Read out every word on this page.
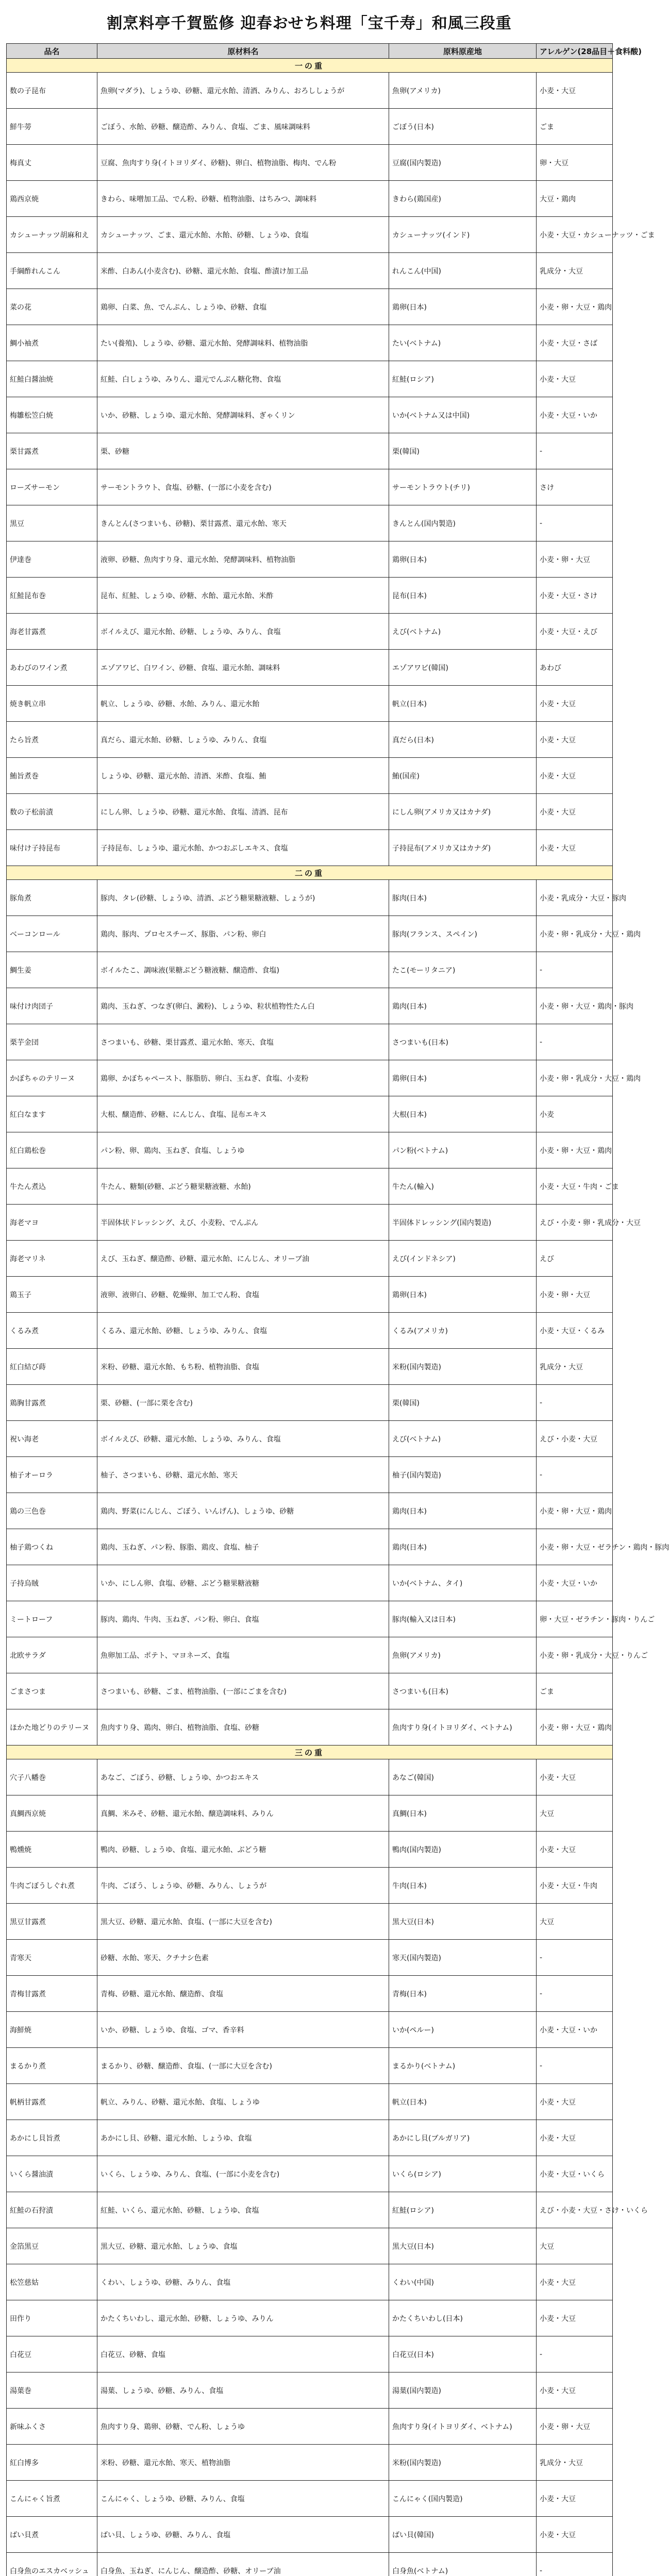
割烹料亭千賀監修 迎春おせち料理「宝千寿」和風三段重
品名	原材料名	原料原産地	アレルゲン(28品目＋食料酸)
一の重			
数の子昆布	魚卵(マダラ)、しょうゆ、砂糖、還元水飴、清酒、みりん、おろししょうが	魚卵(アメリカ)	小麦・大豆
鮮牛蒡	ごぼう、水飴、砂糖、醸造酢、みりん、食塩、ごま、風味調味料	ごぼう(日本)	ごま
梅真丈	豆腐、魚肉すり身(イトヨリダイ、砂糖)、卵白、植物油脂、梅肉、でん粉	豆腐(国内製造)	卵・大豆
鶏西京焼	きわら、味噌加工品、でん粉、砂糖、植物油脂、はちみつ、調味料	きわら(鶏国産)	大豆・鶏肉
カシューナッツ胡麻和え	カシューナッツ、ごま、還元水飴、水飴、砂糖、しょうゆ、食塩	カシューナッツ(インド)	小麦・大豆・カシューナッツ・ごま
手綱酢れんこん	米酢、白あん(小麦含む)、砂糖、還元水飴、食塩、酢漬け加工品	れんこん(中国)	乳成分・大豆
菜の花	鶏卵、白菜、魚、でんぷん、しょうゆ、砂糖、食塩	鶏卵(日本)	小麦・卵・大豆・鶏肉
鯛小袖煮	たい(養殖)、しょうゆ、砂糖、還元水飴、発酵調味料、植物油脂	たい(ベトナム)	小麦・大豆・さば
紅鮭白醤油焼	紅鮭、白しょうゆ、みりん、還元でんぷん糖化物、食塩	紅鮭(ロシア)	小麦・大豆
梅雛松笠白焼	いか、砂糖、しょうゆ、還元水飴、発酵調味料、ぎゃくリン	いか(ベトナム又は中国)	小麦・大豆・いか
栗甘露煮	栗、砂糖	栗(韓国)	-
ローズサーモン	サーモントラウト、食塩、砂糖、(一部に小麦を含む)	サーモントラウト(チリ)	さけ
黒豆	きんとん(さつまいも、砂糖)、栗甘露煮、還元水飴、寒天	きんとん(国内製造)	-
伊達巻	液卵、砂糖、魚肉すり身、還元水飴、発酵調味料、植物油脂	鶏卵(日本)	小麦・卵・大豆
紅鮭昆布巻	昆布、紅鮭、しょうゆ、砂糖、水飴、還元水飴、米酢	昆布(日本)	小麦・大豆・さけ
海老甘露煮	ボイルえび、還元水飴、砂糖、しょうゆ、みりん、食塩	えび(ベトナム)	小麦・大豆・えび
あわびのワイン煮	エゾアワビ、白ワイン、砂糖、食塩、還元水飴、調味料	エゾアワビ(韓国)	あわび
焼き帆立串	帆立、しょうゆ、砂糖、水飴、みりん、還元水飴	帆立(日本)	小麦・大豆
たら旨煮	真だら、還元水飴、砂糖、しょうゆ、みりん、食塩	真だら(日本)	小麦・大豆
鮪旨煮巻	しょうゆ、砂糖、還元水飴、清酒、米酢、食塩、鮪	鮪(国産)	小麦・大豆
数の子松前漬	にしん卵、しょうゆ、砂糖、還元水飴、食塩、清酒、昆布	にしん卵(アメリカ又はカナダ)	小麦・大豆
味付け子持昆布	子持昆布、しょうゆ、還元水飴、かつおぶしエキス、食塩	子持昆布(アメリカ又はカナダ)	小麦・大豆
二の重			
豚角煮	豚肉、タレ(砂糖、しょうゆ、清酒、ぶどう糖果糖液糖、しょうが)	豚肉(日本)	小麦・乳成分・大豆・豚肉
ベーコンロール	鶏肉、豚肉、プロセスチーズ、豚脂、パン粉、卵白	豚肉(フランス、スペイン)	小麦・卵・乳成分・大豆・鶏肉
鯛生姜	ボイルたこ、調味液(果糖ぶどう糖液糖、醸造酢、食塩)	たこ(モーリタニア)	-
味付け肉団子	鶏肉、玉ねぎ、つなぎ(卵白、澱粉)、しょうゆ、粒状植物性たん白	鶏肉(日本)	小麦・卵・大豆・鶏肉・豚肉
栗芋金団	さつまいも、砂糖、栗甘露煮、還元水飴、寒天、食塩	さつまいも(日本)	-
かぼちゃのテリーヌ	鶏卵、かぼちゃペースト、豚脂肪、卵白、玉ねぎ、食塩、小麦粉	鶏卵(日本)	小麦・卵・乳成分・大豆・鶏肉
紅白なます	大根、醸造酢、砂糖、にんじん、食塩、昆布エキス	大根(日本)	小麦
紅白鶏松巻	パン粉、卵、鶏肉、玉ねぎ、食塩、しょうゆ	パン粉(ベトナム)	小麦・卵・大豆・鶏肉
牛たん煮込	牛たん、糖類(砂糖、ぶどう糖果糖液糖、水飴)	牛たん(輸入)	小麦・大豆・牛肉・ごま
海老マヨ	半固体状ドレッシング、えび、小麦粉、でんぷん	半固体ドレッシング(国内製造)	えび・小麦・卵・乳成分・大豆
海老マリネ	えび、玉ねぎ、醸造酢、砂糖、還元水飴、にんじん、オリーブ油	えび(インドネシア)	えび
鶏玉子	液卵、液卵白、砂糖、乾燥卵、加工でん粉、食塩	鶏卵(日本)	小麦・卵・大豆
くるみ煮	くるみ、還元水飴、砂糖、しょうゆ、みりん、食塩	くるみ(アメリカ)	小麦・大豆・くるみ
紅白結び蒔	米粉、砂糖、還元水飴、もち粉、植物油脂、食塩	米粉(国内製造)	乳成分・大豆
鶏胸甘露煮	栗、砂糖、(一部に栗を含む)	栗(韓国)	-
祝い海老	ボイルえび、砂糖、還元水飴、しょうゆ、みりん、食塩	えび(ベトナム)	えび・小麦・大豆
柚子オーロラ	柚子、さつまいも、砂糖、還元水飴、寒天	柚子(国内製造)	-
鶏の三色巻	鶏肉、野菜(にんじん、ごぼう、いんげん)、しょうゆ、砂糖	鶏肉(日本)	小麦・卵・大豆・鶏肉
柚子鶏つくね	鶏肉、玉ねぎ、パン粉、豚脂、鶏皮、食塩、柚子	鶏肉(日本)	小麦・卵・大豆・ゼラチン・鶏肉・豚肉
子持烏賊	いか、にしん卵、食塩、砂糖、ぶどう糖果糖液糖	いか(ベトナム、タイ)	小麦・大豆・いか
ミートローフ	豚肉、鶏肉、牛肉、玉ねぎ、パン粉、卵白、食塩	豚肉(輸入又は日本)	卵・大豆・ゼラチン・豚肉・りんご
北欧サラダ	魚卵加工品、ポテト、マヨネーズ、食塩	魚卵(アメリカ)	小麦・卵・乳成分・大豆・りんご
ごまさつま	さつまいも、砂糖、ごま、植物油脂、(一部にごまを含む)	さつまいも(日本)	ごま
ほかた地どりのテリーヌ	魚肉すり身、鶏肉、卵白、植物油脂、食塩、砂糖	魚肉すり身(イトヨリダイ、ベトナム)	小麦・卵・大豆・鶏肉
三の重			
穴子八幡巻	あなご、ごぼう、砂糖、しょうゆ、かつおエキス	あなご(韓国)	小麦・大豆
真鯛西京焼	真鯛、米みそ、砂糖、還元水飴、醸造調味料、みりん	真鯛(日本)	大豆
鴨燻焼	鴨肉、砂糖、しょうゆ、食塩、還元水飴、ぶどう糖	鴨肉(国内製造)	小麦・大豆
牛肉ごぼうしぐれ煮	牛肉、ごぼう、しょうゆ、砂糖、みりん、しょうが	牛肉(日本)	小麦・大豆・牛肉
黒豆甘露煮	黒大豆、砂糖、還元水飴、食塩、(一部に大豆を含む)	黒大豆(日本)	大豆
青寒天	砂糖、水飴、寒天、クチナシ色素	寒天(国内製造)	-
青梅甘露煮	青梅、砂糖、還元水飴、醸造酢、食塩	青梅(日本)	-
海鮮焼	いか、砂糖、しょうゆ、食塩、ゴマ、香辛料	いか(ペルー)	小麦・大豆・いか
まるかり煮	まるかり、砂糖、醸造酢、食塩、(一部に大豆を含む)	まるかり(ベトナム)	-
帆柄甘露煮	帆立、みりん、砂糖、還元水飴、食塩、しょうゆ	帆立(日本)	小麦・大豆
あかにし貝旨煮	あかにし貝、砂糖、還元水飴、しょうゆ、食塩	あかにし貝(ブルガリア)	小麦・大豆
いくら醤油漬	いくら、しょうゆ、みりん、食塩、(一部に小麦を含む)	いくら(ロシア)	小麦・大豆・いくら
紅鮭の石狩漬	紅鮭、いくら、還元水飴、砂糖、しょうゆ、食塩	紅鮭(ロシア)	えび・小麦・大豆・さけ・いくら
金箔黒豆	黒大豆、砂糖、還元水飴、しょうゆ、食塩	黒大豆(日本)	大豆
松笠慈姑	くわい、しょうゆ、砂糖、みりん、食塩	くわい(中国)	小麦・大豆
田作り	かたくちいわし、還元水飴、砂糖、しょうゆ、みりん	かたくちいわし(日本)	小麦・大豆
白花豆	白花豆、砂糖、食塩	白花豆(日本)	-
湯葉巻	湯葉、しょうゆ、砂糖、みりん、食塩	湯葉(国内製造)	小麦・大豆
新味ふくさ	魚肉すり身、鶏卵、砂糖、でん粉、しょうゆ	魚肉すり身(イトヨリダイ、ベトナム)	小麦・卵・大豆
紅白博多	米粉、砂糖、還元水飴、寒天、植物油脂	米粉(国内製造)	乳成分・大豆
こんにゃく旨煮	こんにゃく、しょうゆ、砂糖、みりん、食塩	こんにゃく(国内製造)	小麦・大豆
ばい貝煮	ばい貝、しょうゆ、砂糖、みりん、食塩	ばい貝(韓国)	小麦・大豆
白身魚のエスカベッシュ	白身魚、玉ねぎ、にんじん、醸造酢、砂糖、オリーブ油	白身魚(ベトナム)	-
